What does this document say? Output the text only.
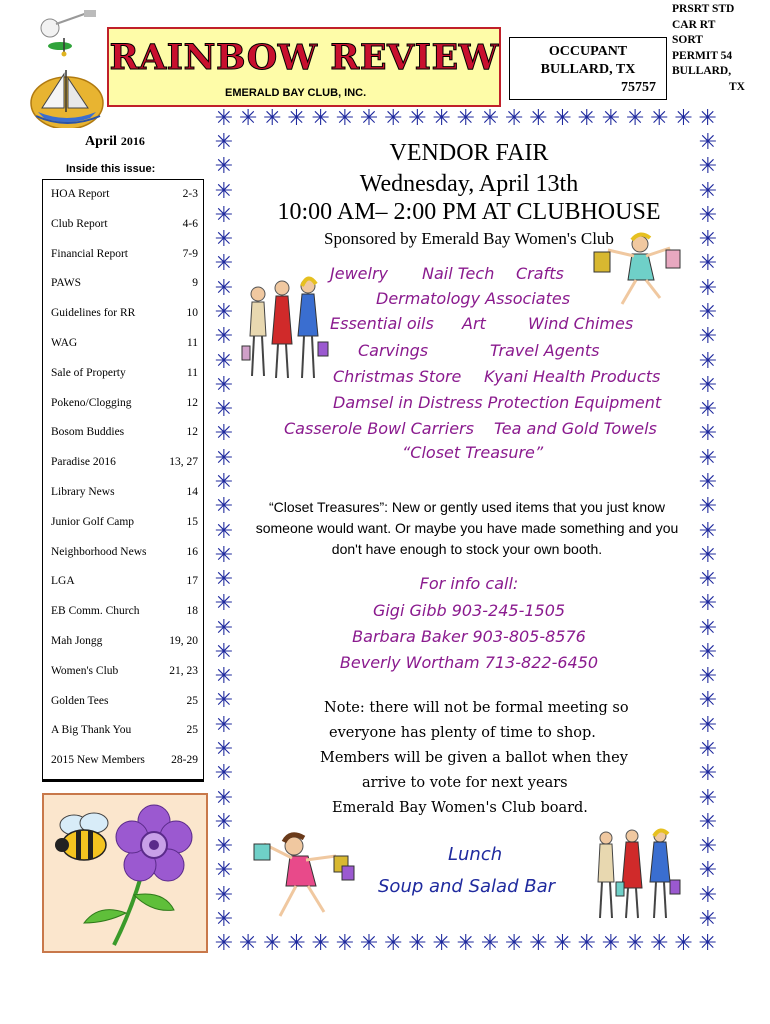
RAINBOW REVIEW
EMERALD BAY CLUB, INC.
OCCUPANT
BULLARD, TX
75757
PRSRT STD
CAR RT
SORT
PERMIT 54
BULLARD,
TX
April 2016
Inside this issue:
HOA Report	2-3
Club Report	4-6
Financial Report	7-9
PAWS	9
Guidelines for RR	10
WAG	11
Sale of Property	11
Pokeno/Clogging	12
Bosom Buddies	12
Paradise 2016	13, 27
Library News	14
Junior Golf Camp	15
Neighborhood News	16
LGA	17
EB Comm. Church	18
Mah Jongg	19, 20
Women's Club	21, 23
Golden Tees	25
A Big Thank You	25
2015 New Members 28-29
✳ ✳ ✳ ✳ ✳ ✳ ✳ ✳ ✳ ✳ ✳ ✳ ✳ ✳ ✳ ✳ ✳ ✳ ✳ ✳ ✳
✳ ✳ ✳ ✳ ✳ ✳ ✳ ✳ ✳ ✳ ✳ ✳ ✳ ✳ ✳ ✳ ✳ ✳ ✳ ✳ ✳
✳
✳
✳
✳
✳
✳
✳
✳
✳
✳
✳
✳
✳
✳
✳
✳
✳
✳
✳
✳
✳
✳
✳
✳
✳
✳
✳
✳
✳
✳
✳
✳
✳
✳
✳
✳
✳
✳
✳
✳
✳
✳
✳
✳
✳
✳
✳
✳
✳
✳
✳
✳
✳
✳
✳
✳
✳
✳
✳
✳
✳
✳
✳
✳
✳
✳
VENDOR FAIR
Wednesday, April 13th
10:00 AM– 2:00 PM AT CLUBHOUSE
Sponsored by Emerald Bay Women's Club
Jewelry Nail Tech Crafts
Dermatology Associates
Essential oils Art	Wind Chimes
Carvings	Travel Agents
Christmas Store Kyani Health Products
Damsel in Distress Protection Equipment
Casserole Bowl Carriers Tea and Gold Towels
“Closet Treasure”
“Closet Treasures”: New or gently used items that you just know
someone would want. Or maybe you have made something and you
don't have enough to stock your own booth.
For info call:
Gigi Gibb 903-245-1505
Barbara Baker 903-805-8576
Beverly Wortham 713-822-6450
Note: there will not be formal meeting so
everyone has plenty of time to shop.
Members will be given a ballot when they
arrive to vote for next years
Emerald Bay Women's Club board.
Lunch
Soup and Salad Bar
